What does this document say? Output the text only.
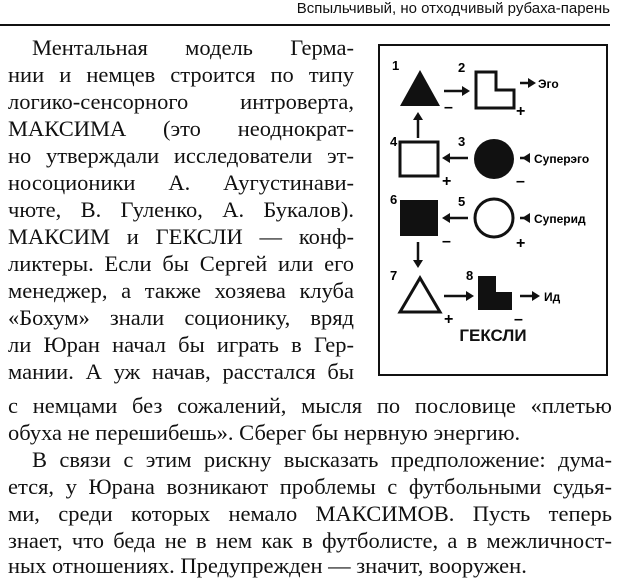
Вспыльчивый, но отходчивый рубаха-парень
Ментальная модель Герма-
нии и немцев строится по типу
логико-сенсорного интроверта,
МАКСИМА (это неоднократ-
но утверждали исследователи эт-
носоционики А. Аугустинави-
чюте, В. Гуленко, А. Букалов).
МАКСИМ и ГЕКСЛИ — конф-
ликтеры. Если бы Сергей или его
менеджер, а также хозяева клуба
«Бохум» знали соционику, вряд
ли Юран начал бы играть в Гер-
мании. А уж начав, расстался бы
с немцами без сожалений, мысля по пословице «плетью
обуха не перешибешь». Сберег бы нервную энергию.
В связи с этим рискну высказать предположение: дума-
ется, у Юрана возникают проблемы с футбольными судья-
ми, среди которых немало МАКСИМОВ. Пусть теперь
знает, что беда не в нем как в футболисте, а в межличност-
ных отношениях. Предупрежден — значит, вооружен.
1	2
Эго
–	+
4	3
Суперэго
+	–
6	5
Суперид
–	+
7	8
Ид
+	–
ГЕКСЛИ
